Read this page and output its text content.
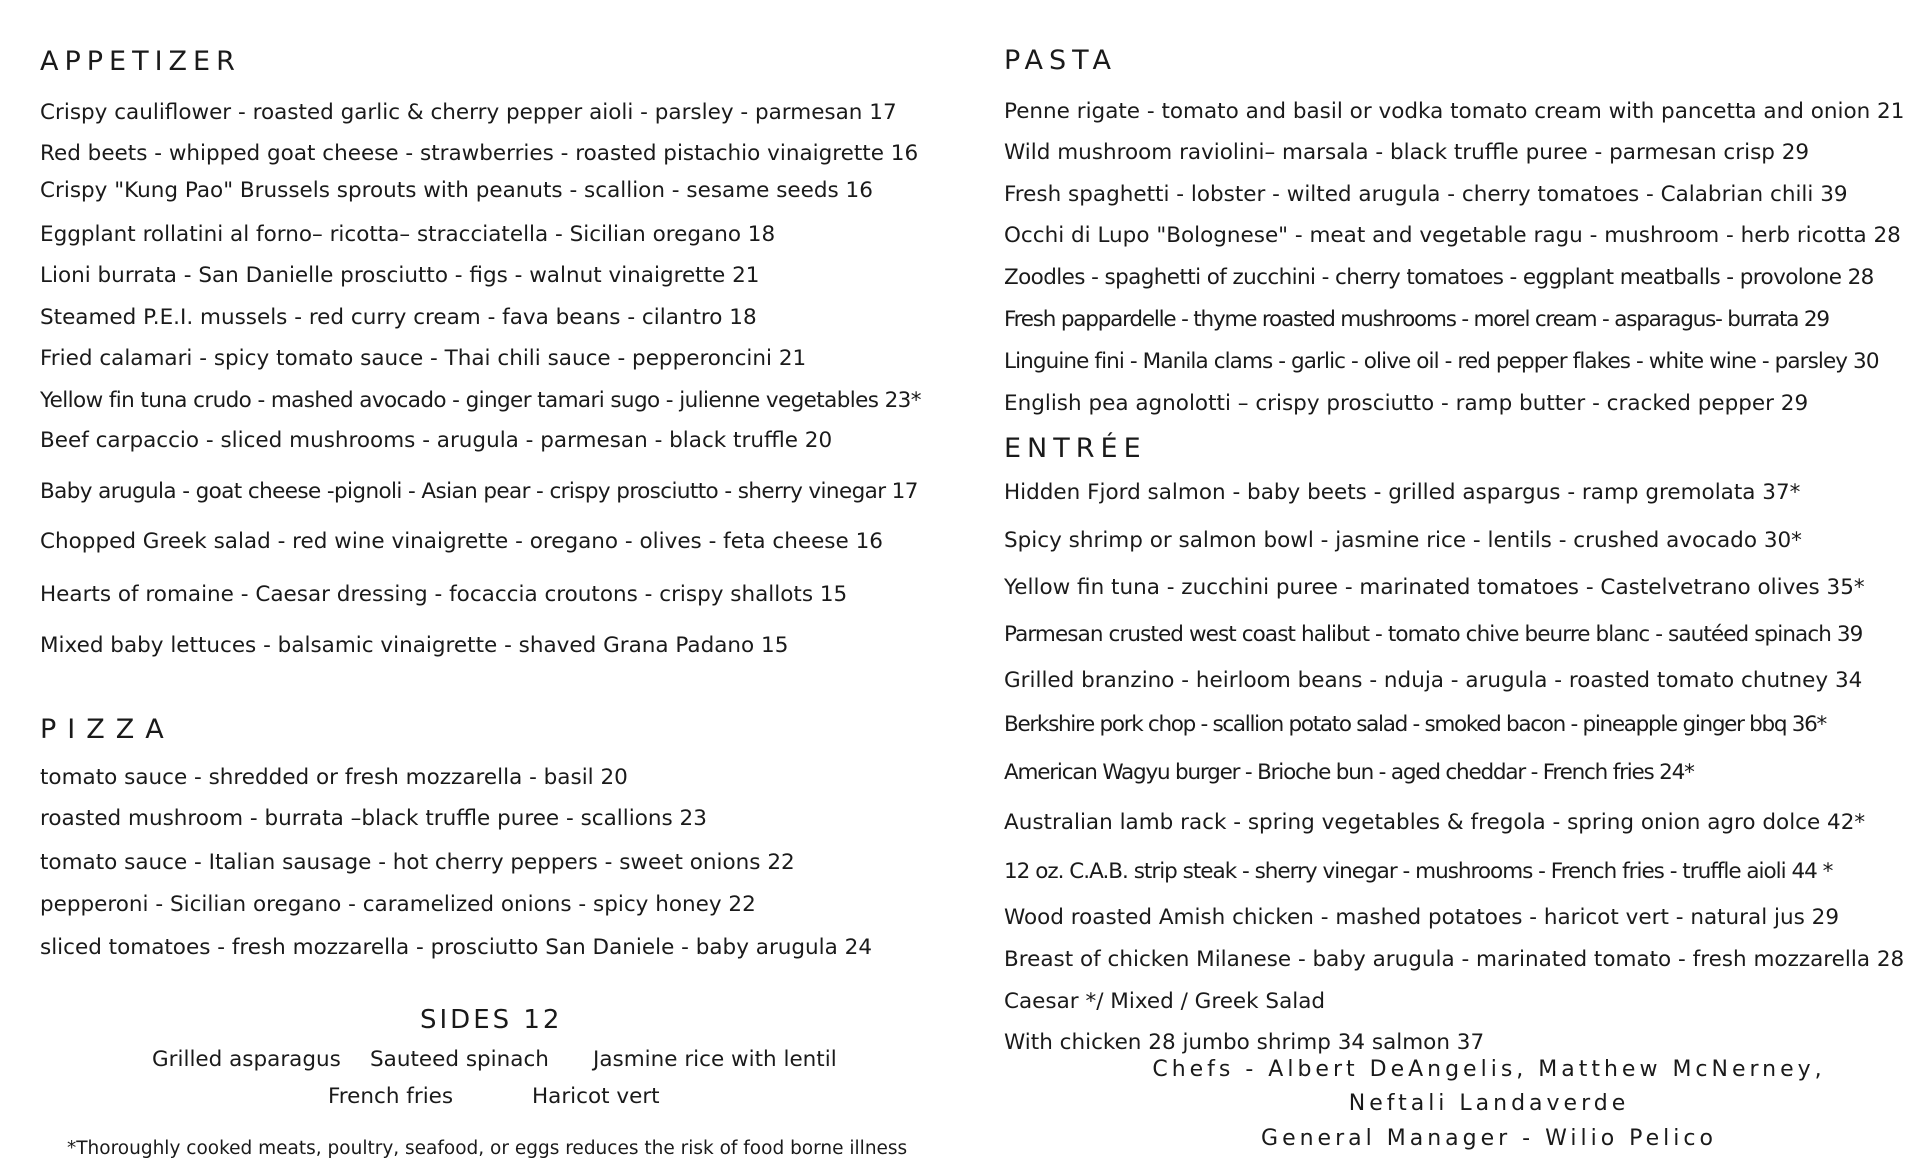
APPETIZER
Crispy cauliflower - roasted garlic & cherry pepper aioli - parsley - parmesan 17
Red beets - whipped goat cheese - strawberries - roasted pistachio vinaigrette 16
Crispy "Kung Pao" Brussels sprouts with peanuts - scallion - sesame seeds 16
Eggplant rollatini al forno– ricotta– stracciatella - Sicilian oregano 18
Lioni burrata - San Danielle prosciutto - figs - walnut vinaigrette 21
Steamed P.E.I. mussels - red curry cream - fava beans - cilantro 18
Fried calamari - spicy tomato sauce - Thai chili sauce - pepperoncini 21
Yellow fin tuna crudo - mashed avocado - ginger tamari sugo - julienne vegetables 23*
Beef carpaccio - sliced mushrooms - arugula - parmesan - black truffle 20
Baby arugula - goat cheese -pignoli - Asian pear - crispy prosciutto - sherry vinegar 17
Chopped Greek salad - red wine vinaigrette - oregano - olives - feta cheese 16
Hearts of romaine - Caesar dressing - focaccia croutons - crispy shallots 15
Mixed baby lettuces - balsamic vinaigrette - shaved Grana Padano 15
PIZZA
tomato sauce - shredded or fresh mozzarella - basil 20
roasted mushroom - burrata –black truffle puree - scallions 23
tomato sauce - Italian sausage - hot cherry peppers - sweet onions 22
pepperoni - Sicilian oregano - caramelized onions - spicy honey 22
sliced tomatoes - fresh mozzarella - prosciutto San Daniele - baby arugula 24
SIDES 12
Grilled asparagus Sauteed spinach Jasmine rice with lentil
French fries	Haricot vert
*Thoroughly cooked meats, poultry, seafood, or eggs reduces the risk of food borne illness
PASTA
Penne rigate - tomato and basil or vodka tomato cream with pancetta and onion 21
Wild mushroom raviolini– marsala - black truffle puree - parmesan crisp 29
Fresh spaghetti - lobster - wilted arugula - cherry tomatoes - Calabrian chili 39
Occhi di Lupo "Bolognese" - meat and vegetable ragu - mushroom - herb ricotta 28
Zoodles - spaghetti of zucchini - cherry tomatoes - eggplant meatballs - provolone 28
Fresh pappardelle - thyme roasted mushrooms - morel cream - asparagus- burrata 29
Linguine fini - Manila clams - garlic - olive oil - red pepper flakes - white wine - parsley 30
English pea agnolotti – crispy prosciutto - ramp butter - cracked pepper 29
ENTRÉE
Hidden Fjord salmon - baby beets - grilled aspargus - ramp gremolata 37*
Spicy shrimp or salmon bowl - jasmine rice - lentils - crushed avocado 30*
Yellow fin tuna - zucchini puree - marinated tomatoes - Castelvetrano olives 35*
Parmesan crusted west coast halibut - tomato chive beurre blanc - sautéed spinach 39
Grilled branzino - heirloom beans - nduja - arugula - roasted tomato chutney 34
Berkshire pork chop - scallion potato salad - smoked bacon - pineapple ginger bbq 36*
American Wagyu burger - Brioche bun - aged cheddar - French fries 24*
Australian lamb rack - spring vegetables & fregola - spring onion agro dolce 42*
12 oz. C.A.B. strip steak - sherry vinegar - mushrooms - French fries - truffle aioli 44 *
Wood roasted Amish chicken - mashed potatoes - haricot vert - natural jus 29
Breast of chicken Milanese - baby arugula - marinated tomato - fresh mozzarella 28
Caesar */ Mixed / Greek Salad
With chicken 28 jumbo shrimp 34 salmon 37
Chefs - Albert DeAngelis, Matthew McNerney,
Neftali Landaverde
General Manager - Wilio Pelico
